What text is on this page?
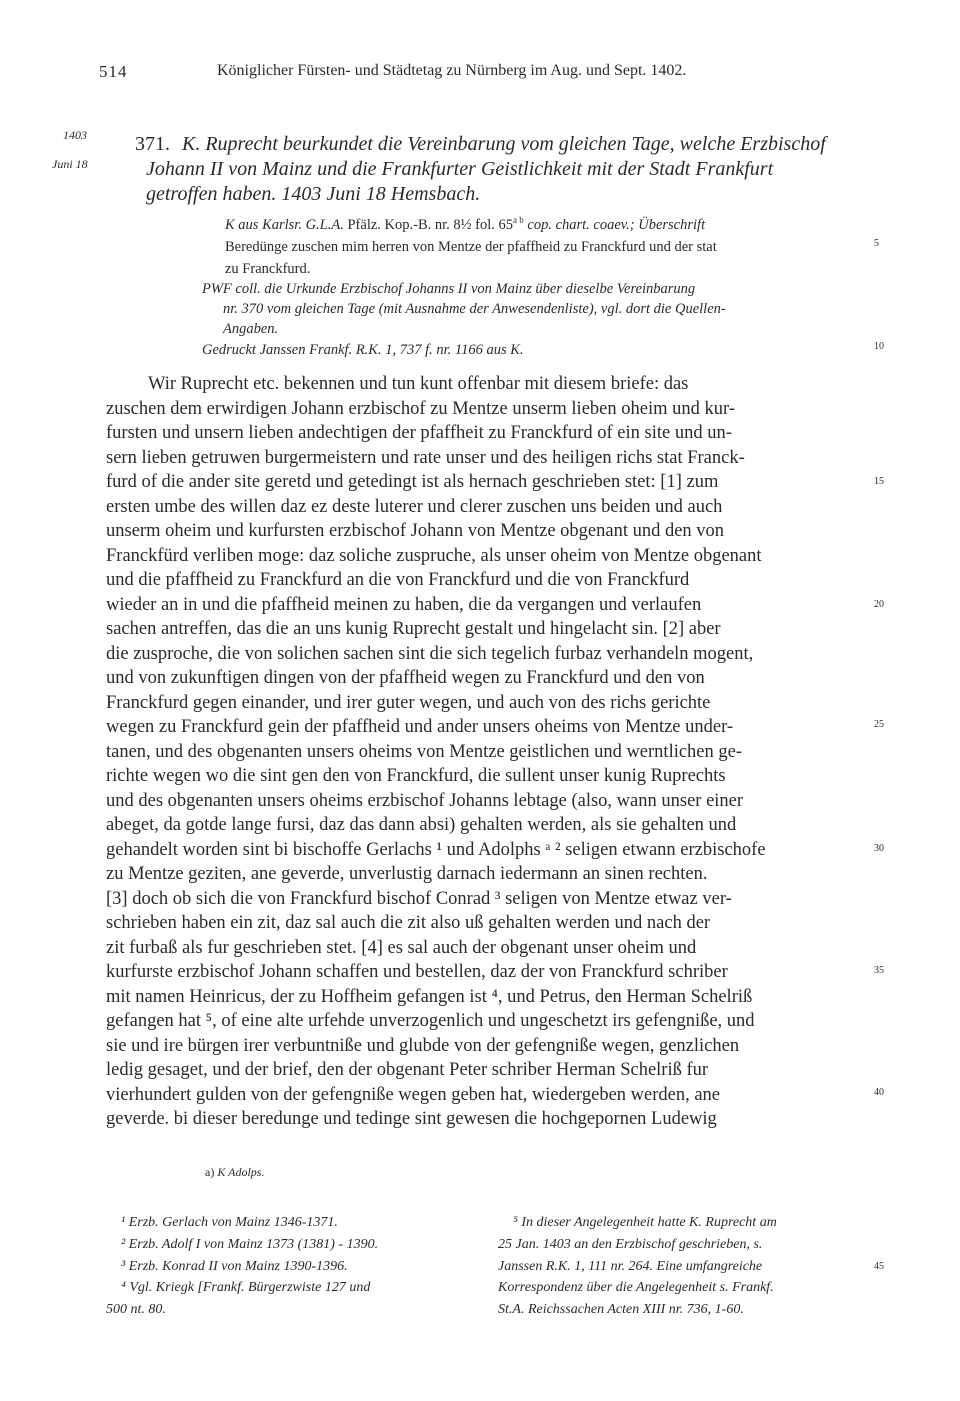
514	Königlicher Fürsten- und Städtetag zu Nürnberg im Aug. und Sept. 1402.
1403
Juni 18
371. K. Ruprecht beurkundet die Vereinbarung vom gleichen Tage, welche Erzbischof
Johann II von Mainz und die Frankfurter Geistlichkeit mit der Stadt Frankfurt
getroffen haben. 1403 Juni 18 Hemsbach.
K aus Karlsr. G.L.A. Pfälz. Kop.-B. nr. 8½ fol. $65^{a b}$ cop. chart. coaev.; Überschrift
Beredünge zuschen mim herren von Mentze der pfaffheid zu Franckfurd und der stat
zu Franckfurd.
PWF coll. die Urkunde Erzbischof Johanns II von Mainz über dieselbe Vereinbarung
nr. 370 vom gleichen Tage (mit Ausnahme der Anwesendenliste), vgl. dort die Quellen-
Angaben.
Gedruckt Janssen Frankf. R.K. 1, 737 f. nr. 1166 aus K.
5
10
15
20
25
30
35
40
45
Wir Ruprecht etc. bekennen und tun kunt offenbar mit diesem briefe: das
zuschen dem erwirdigen Johann erzbischof zu Mentze unserm lieben oheim und kur-
fursten und unsern lieben andechtigen der pfaffheit zu Franckfurd of ein site und un-
sern lieben getruwen burgermeistern und rate unser und des heiligen richs stat Franck-
furd of die ander site geretd und getedingt ist als hernach geschrieben stet: [1] zum
ersten umbe des willen daz ez deste luterer und clerer zuschen uns beiden und auch
unserm oheim und kurfursten erzbischof Johann von Mentze obgenant und den von
Franckfürd verliben moge: daz soliche zuspruche, als unser oheim von Mentze obgenant
und die pfaffheid zu Franckfurd an die von Franckfurd und die von Franckfurd
wieder an in und die pfaffheid meinen zu haben, die da vergangen und verlaufen
sachen antreffen, das die an uns kunig Ruprecht gestalt und hingelacht sin. [2] aber
die zusproche, die von solichen sachen sint die sich tegelich furbaz verhandeln mogent,
und von zukunftigen dingen von der pfaffheid wegen zu Franckfurd und den von
Franckfurd gegen einander, und irer guter wegen, und auch von des richs gerichte
wegen zu Franckfurd gein der pfaffheid und ander unsers oheims von Mentze under-
tanen, und des obgenanten unsers oheims von Mentze geistlichen und werntlichen ge-
richte wegen wo die sint gen den von Franckfurd, die sullent unser kunig Ruprechts
und des obgenanten unsers oheims erzbischof Johanns lebtage (also, wann unser einer
abeget, da gotde lange fursi, daz das dann absi) gehalten werden, als sie gehalten und
gehandelt worden sint bi bischoffe Gerlachs ¹ und Adolphs ᵃ ² seligen etwann erzbischofe
zu Mentze geziten, ane geverde, unverlustig darnach iedermann an sinen rechten.
[3] doch ob sich die von Franckfurd bischof Conrad ³ seligen von Mentze etwaz ver-
schrieben haben ein zit, daz sal auch die zit also uß gehalten werden und nach der
zit furbaß als fur geschrieben stet. [4] es sal auch der obgenant unser oheim und
kurfurste erzbischof Johann schaffen und bestellen, daz der von Franckfurd schriber
mit namen Heinricus, der zu Hoffheim gefangen ist ⁴, und Petrus, den Herman Schelriß
gefangen hat ⁵, of eine alte urfehde unverzogenlich und ungeschetzt irs gefengniße, und
sie und ire bürgen irer verbuntniße und glubde von der gefengniße wegen, genzlichen
ledig gesaget, und der brief, den der obgenant Peter schriber Herman Schelriß fur
vierhundert gulden von der gefengniße wegen geben hat, wiedergeben werden, ane
geverde. bi dieser beredunge und tedinge sint gewesen die hochgepornen Ludewig
a) K Adolps.
¹ Erzb. Gerlach von Mainz 1346-1371.
² Erzb. Adolf I von Mainz 1373 (1381) - 1390.
³ Erzb. Konrad II von Mainz 1390-1396.
⁴ Vgl. Kriegk [Frankf. Bürgerzwiste 127 und
500 nt. 80.
⁵ In dieser Angelegenheit hatte K. Ruprecht am
25 Jan. 1403 an den Erzbischof geschrieben, s.
Janssen R.K. 1, 111 nr. 264. Eine umfangreiche
Korrespondenz über die Angelegenheit s. Frankf.
St.A. Reichssachen Acten XIII nr. 736, 1-60.
